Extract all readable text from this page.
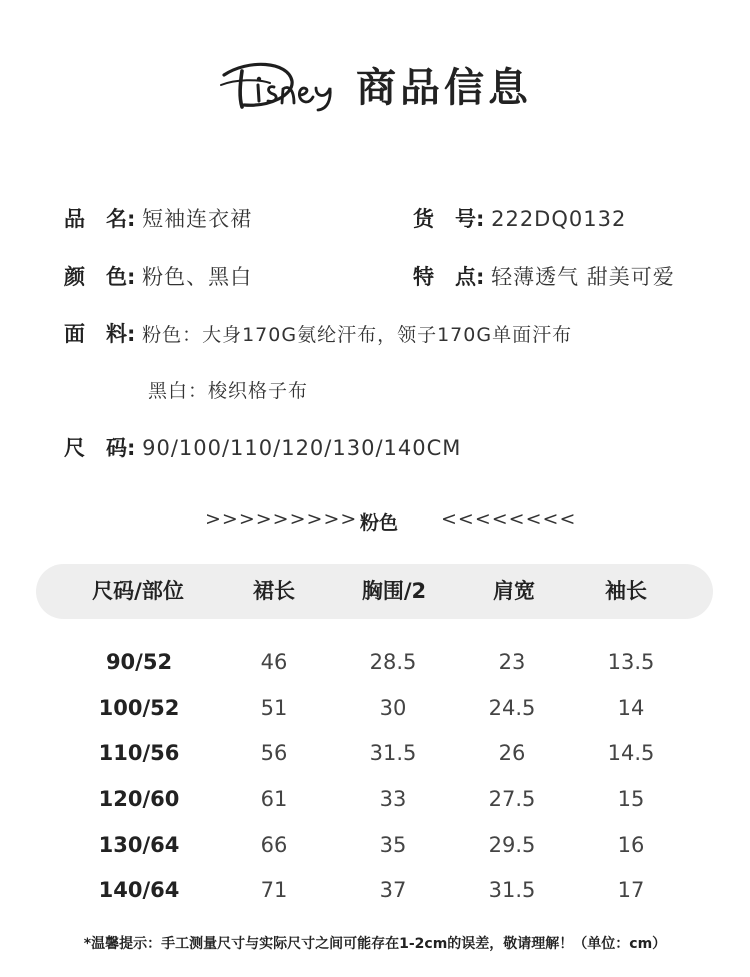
商品信息
品 名: 短袖连衣裙	货 号: 222DQ0132
颜 色: 粉色、黑白	特 点: 轻薄透气 甜美可爱
面 料: 粉色：大身170G氨纶汗布，领子170G单面汗布
黑白：梭织格子布
尺 码: 90/100/110/120/130/140CM
>>>>>>>>> 粉色 <<<<<<<<
尺码/部位	裙长	胸围/2	肩宽	袖长
90/52	46	28.5	23	13.5
100/52	51	30	24.5	14
110/56	56	31.5	26	14.5
120/60	61	33	27.5	15
130/64	66	35	29.5	16
140/64	71	37	31.5	17
*温馨提示：手工测量尺寸与实际尺寸之间可能存在1-2cm的误差，敬请理解！（单位：cm）
